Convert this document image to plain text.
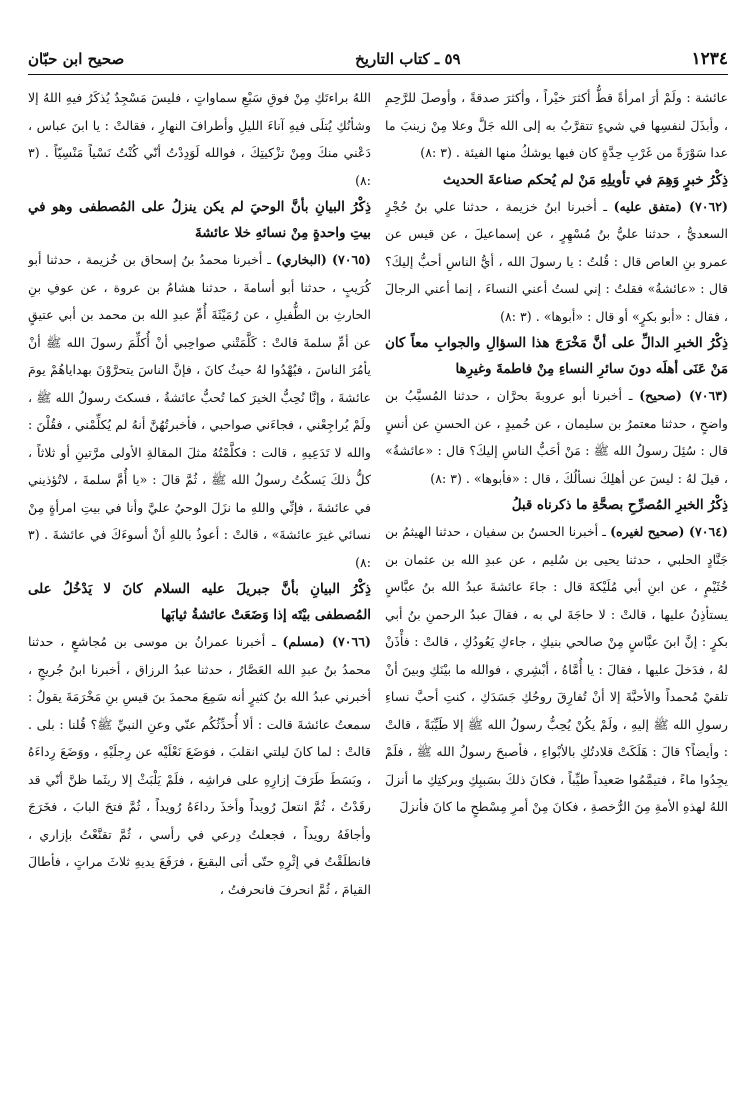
١٢٣٤
٥٩ ـ كتاب التاريخ
صحيح ابن حبّان

عائشة : ولَمْ أرَ امرأةً قطُّ أكثرَ خيْراً ، وأكثرَ صدقةً ، وأوصلَ للرَّحِمِ ، وأبذَلَ لنفسِها في شيءٍ تتقرَّبُ به إلى الله جَلَّ وعلا مِنْ زينبَ ما عدا سَوْرَةً من غَرْبِ حِدَّةٍ كان فيها يوشكُ منها الفيئة . (٣ :٨)

ذِكْرُ خبرٍ وَهِمَ في تأويلِهِ مَنْ لم يُحكم صناعةَ الحديث

(٧٠٦٢) (متفق عليه) ـ أخبرنا ابنُ خزيمة ، حدثنا علي بنُ حُجْرٍ السعديُّ ، حدثنا عليُّ بنُ مُسْهِرٍ ، عن إسماعيلَ ، عن قيس عن عمرو بنِ العاص قال : قُلتُ : يا رسولَ الله ، أيُّ الناسِ أحبُّ إليكَ؟ قال : «عائشةُ» فقلتُ : إني لستُ أعني النساءَ ، إنما أعني الرجالَ ، فقال : «أبو بكرٍ» أو قال : «أبوها» . (٣ :٨)

ذِكْرُ الخبرِ الدالِّ على أنَّ مَخْرَجَ هذا السؤالِ والجوابِ معاً كان مَنْ عَنَى أهلَه دونَ سائرِ النساءِ مِنْ فاطمةَ وغيرِها

(٧٠٦٣) (صحيح) ـ أخبرنا أبو عروبةَ بحرَّان ، حدثنا المُسيَّبُ بن واضحٍ ، حدثنا معتمرُ بن سليمان ، عن حُميدٍ ، عن الحسنِ عن أنسٍ قال : سُئِلَ رسولُ الله ﷺ : مَنْ أحَبُّ الناسِ إليكَ؟ قال : «عائشةُ» ، قيلَ لهُ : ليسَ عن أهلِكَ نسألُكَ ، قال : «فأبوها» . (٣ :٨)

ذِكْرُ الخبرِ المُصرِّحِ بصحَّةِ ما ذكرناه قبلُ

(٧٠٦٤) (صحيح لغيره) ـ أخبرنا الحسنُ بن سفيان ، حدثنا الهيثمُ بن جَنَّادٍ الحلبي ، حدثنا يحيى بن سُليم ، عن عبدِ الله بن عثمان بن خُثَيْمٍ ، عن ابنِ أبي مُلَيْكةَ قال : جاءَ عائشةَ عبدُ الله بنُ عبَّاسٍ يستأذِنُ عليها ، قالتْ : لا حاجَةَ لي به ، فقالَ عبدُ الرحمنِ بنُ أبي بكرٍ : إنَّ ابنَ عبَّاسٍ مِنْ صالحي بنيكِ ، جاءكِ يَعُودُكِ ، قالتْ : فأْذَنْ لهُ ، فدَخلَ عليها ، فقالَ : يا أُمَّاهُ ، أبْشِري ، فوالله ما بيْنَكِ وبينَ أنْ تلقيْ مُحمداً والأحبَّةَ إلا أنْ تُفارِقَ روحُكِ جَسَدَكِ ، كنتِ أحبَّ نساءِ رسولِ الله ﷺ إليهِ ، ولَمْ يكُنْ يُحِبُّ رسولُ الله ﷺ إلا طَيِّبَةً ، قالتْ : وأيضاً؟ قالَ : هَلَكَتْ قلادتُكِ بالأبْواءِ ، فأصبحَ رسولُ الله ﷺ ، فلَمْ يجِدُوا ماءً ، فتيمَّمُوا صَعيداً طيِّباً ، فكانَ ذلكَ بسَببِكِ وبركتِكِ ما أنزلَ اللهُ لهذهِ الأمةِ مِنَ الرُّخصةِ ، فكانَ مِنْ أمرِ مِسْطحٍ ما كانَ فأنزلَ

اللهُ براءتَكِ مِنْ فوقِ سَبْعِ سماواتٍ ، فليسَ مَسْجِدٌ يُذكَرُ فيهِ اللهُ إلا وشأنُكِ يُتلَى فيهِ آناءَ الليلِ وأطرافَ النهارِ ، فقالتْ : يا ابنَ عباس ، دَعْني منكَ ومِنْ تزْكيتِكَ ، فوالله لَوَدِدْتُ أنّي كُنْتُ نَسْياً مَنْسِيّاً . (٣ :٨)

ذِكْرُ البيانِ بأنَّ الوحيَ لم يكن ينزلُ على المُصطفى وهو في بيتِ واحدةٍ مِنْ نسائهِ خلا عائشةَ

(٧٠٦٥) (البخاري) ـ أخبرنا محمدُ بنُ إسحاق بن خُزيمة ، حدثنا أبو كُرَيبٍ ، حدثنا أبو أسامةَ ، حدثنا هشامُ بن عروة ، عن عوفِ بنِ الحارثِ بن الطُّفيلِ ، عن رُمَيْثَةَ أُمِّ عبدِ الله بن محمد بن أبي عتيقٍ عن أمِّ سلمةَ قالتْ : كَلَّمَتْني صواحِبي أنْ أُكلِّمَ رسولَ الله ﷺ أنْ يأمُرَ الناسَ ، فيُهْدُوا لهُ حيثُ كانَ ، فإنَّ الناسَ يتحرَّوْنَ بهداياهُمْ يومَ عائشةَ ، وإنَّا نُحِبُّ الخيرَ كما تُحبُّ عائشةُ ، فسكتَ رسولُ الله ﷺ ، ولَمْ يُراجِعْني ، فجاءَني صواحبي ، فأخبرتُهُنَّ أنهُ لم يُكلِّمْني ، فقُلْنَ : والله لا تَدَعِيهِ ، قالت : فكلَّمْتُهُ مثلَ المقالةِ الأولى مرَّتينِ أو ثلاثاً ، كلُّ ذلكَ يَسكُتُ رسولُ الله ﷺ ، ثُمَّ قالَ : «يا أُمَّ سلمةَ ، لاتُؤذيني في عائشةَ ، فإنِّي واللهِ ما نزَلَ الوحيُ عليَّ وأنا في بيتِ امرأةٍ مِنْ نسائي غيرَ عائشةَ» ، قالتْ : أعوذُ باللهِ أنْ أسوءَكَ في عائشةَ . (٣ :٨)

ذِكْرُ البيانِ بأنَّ جبريلَ عليه السلام كانَ لا يَدْخُلُ على المُصطفى بيْتَه إذا وَضَعَتْ عائشةُ ثيابَها

(٧٠٦٦) (مسلم) ـ أخبرنا عمرانُ بن موسى بن مُجاشعٍ ، حدثنا محمدُ بنُ عبدِ الله العَصَّارُ ، حدثنا عبدُ الرزاق ، أخبرنا ابنُ جُريجٍ ، أخبرني عبدُ الله بنُ كثيرٍ أنه سَمِعَ محمدَ بنَ قيسِ بنِ مَخْرَمَةَ يقولُ : سمعتُ عائشةَ قالت : ألا أُحدِّثُكُم عنّي وعنِ النبيِّ ﷺ؟ قُلنا : بلى . قالتْ : لما كانَ ليلتي انقلبَ ، فوَضَعَ نَعْلَيْه عن رِجلَيْهِ ، ووَضَعَ رِداءَهُ ، وبَسَطَ طَرَفَ إزارِهِ على فراشِه ، فلَمْ يَلْبَثْ إلا ريثَما ظنَّ أنّي قد رقَدْتُ ، ثُمَّ انتعلَ رُويداً وأخذَ رداءَهُ رُويداً ، ثُمَّ فتحَ البابَ ، فخَرَجَ وأجافَهُ رويداً ، فجعلتُ دِرعي في رأسي ، ثُمَّ تقنَّعْتُ بإزاري ، فانطلَقْتُ في إثْرِهِ حتّى أتى البقيعَ ، فرَفَعَ يديهِ ثلاثَ مراتٍ ، فأطالَ القيامَ ، ثُمَّ انحرفَ فانحرفتُ ،
